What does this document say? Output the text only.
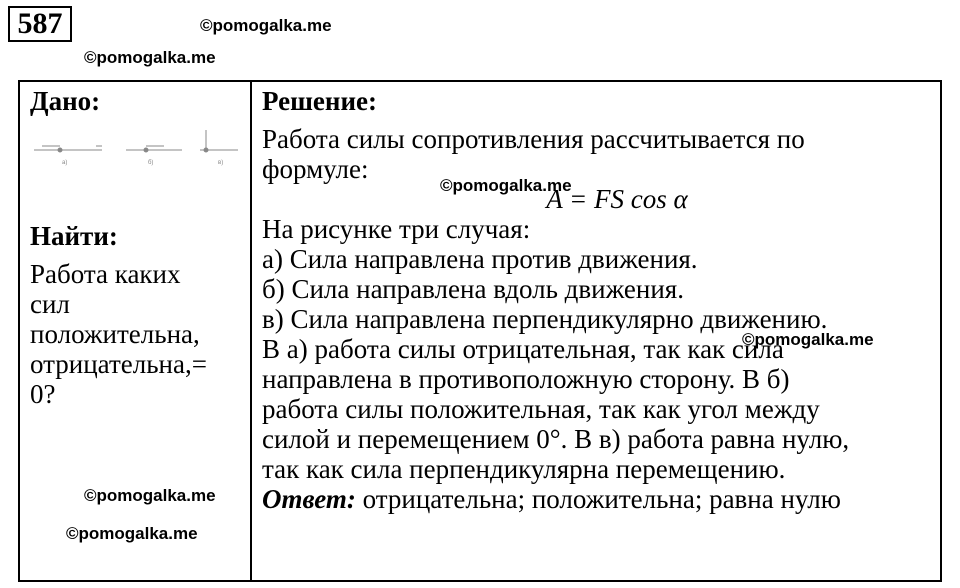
587	©pomogalka.me
©pomogalka.me
Дано:
а)	б)	в)
Найти:
Работа каких
сил
положительна,
отрицательна,=
0?
Решение:
Работа силы сопротивления рассчитывается по
формуле:
A = FS cos α
На рисунке три случая:
а) Сила направлена против движения.
б) Сила направлена вдоль движения.
в) Сила направлена перпендикулярно движению.
В а) работа силы отрицательная, так как сила
направлена в противоположную сторону. В б)
работа силы положительная, так как угол между
силой и перемещением 0°. В в) работа равна нулю,
так как сила перпендикулярна перемещению.
Ответ: отрицательна; положительна; равна нулю
©pomogalka.me
©pomogalka.me
©pomogalka.me
©pomogalka.me
